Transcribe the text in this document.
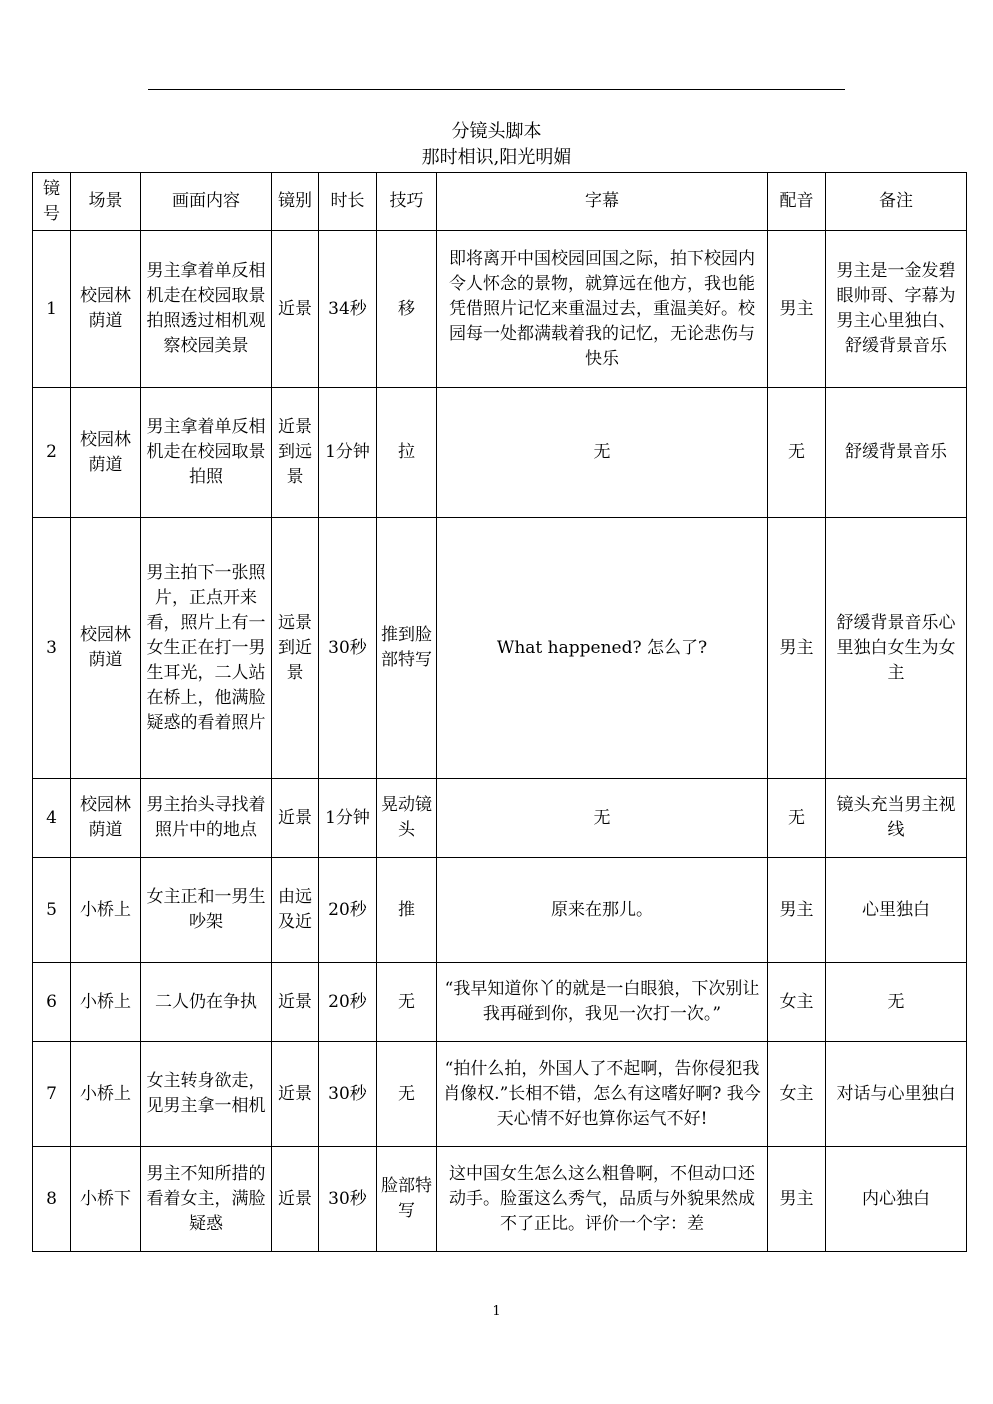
分镜头脚本
那时相识,阳光明媚
镜号	场景	画面内容	镜别	时长	技巧	字幕	配音	备注
1	校园林荫道	男主拿着单反相机走在校园取景拍照透过相机观察校园美景	近景	34秒	移	即将离开中国校园回国之际，拍下校园内令人怀念的景物，就算远在他方，我也能凭借照片记忆来重温过去，重温美好。校园每一处都满载着我的记忆，无论悲伤与快乐	男主	男主是一金发碧眼帅哥、字幕为男主心里独白、舒缓背景音乐
2	校园林荫道	男主拿着单反相机走在校园取景拍照	近景到远景	1分钟	拉	无	无	舒缓背景音乐
3	校园林荫道	男主拍下一张照片，正点开来看，照片上有一女生正在打一男生耳光，二人站在桥上，他满脸疑惑的看着照片	远景到近景	30秒	推到脸部特写	What happened? 怎么了?	男主	舒缓背景音乐心里独白女生为女主
4	校园林荫道	男主抬头寻找着照片中的地点	近景	1分钟	晃动镜头	无	无	镜头充当男主视线
5	小桥上	女主正和一男生吵架	由远及近	20秒	推	原来在那儿。	男主	心里独白
6	小桥上	二人仍在争执	近景	20秒	无	“我早知道你丫的就是一白眼狼，下次别让我再碰到你，我见一次打一次。”	女主	无
7	小桥上	女主转身欲走，见男主拿一相机	近景	30秒	无	“拍什么拍，外国人了不起啊，告你侵犯我肖像权.”长相不错，怎么有这嗜好啊? 我今天心情不好也算你运气不好!	女主	对话与心里独白
8	小桥下	男主不知所措的看着女主，满脸疑惑	近景	30秒	脸部特写	这中国女生怎么这么粗鲁啊，不但动口还动手。脸蛋这么秀气，品质与外貌果然成不了正比。评价一个字：差	男主	内心独白
1
